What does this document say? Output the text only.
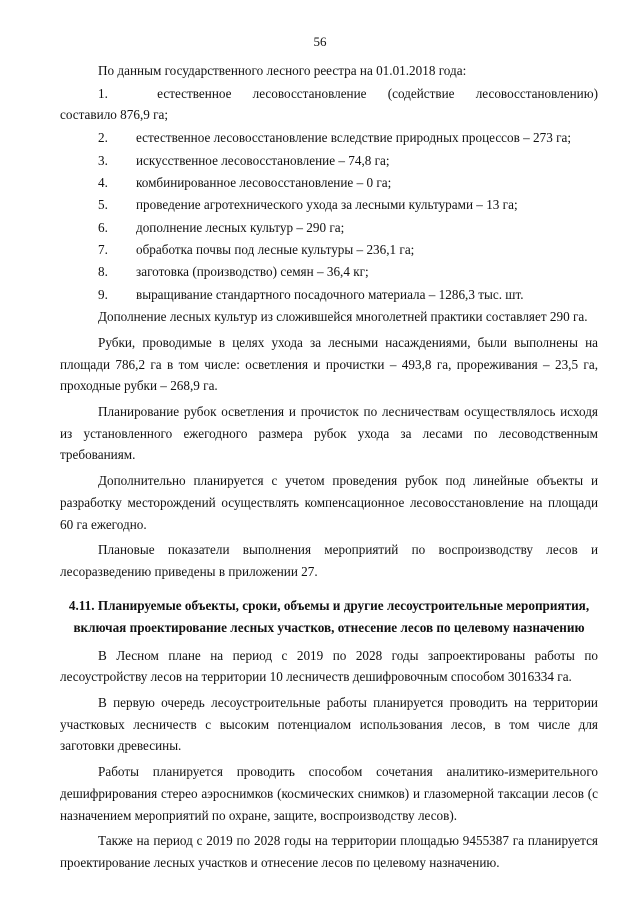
56

По данным государственного лесного реестра на 01.01.2018 года:

1.	естественное лесовосстановление (содействие лесовосстановлению)
составило 876,9 га;
2.	естественное лесовосстановление вследствие природных процессов – 273 га;
3.	искусственное лесовосстановление – 74,8 га;
4.	комбинированное лесовосстановление – 0 га;
5.	проведение агротехнического ухода за лесными культурами – 13 га;
6.	дополнение лесных культур – 290 га;
7.	обработка почвы под лесные культуры – 236,1 га;
8.	заготовка (производство) семян – 36,4 кг;
9.	выращивание стандартного посадочного материала – 1286,3 тыс. шт.

Дополнение лесных культур из сложившейся многолетней практики составляет 290 га.

Рубки, проводимые в целях ухода за лесными насаждениями, были выполнены на площади 786,2 га в том числе: осветления и прочистки – 493,8 га, прореживания – 23,5 га, проходные рубки – 268,9 га.

Планирование рубок осветления и прочисток по лесничествам осуществлялось исходя из установленного ежегодного размера рубок ухода за лесами по лесоводственным требованиям.

Дополнительно планируется с учетом проведения рубок под линейные объекты и разработку месторождений осуществлять компенсационное лесовосстановление на площади 60 га ежегодно.

Плановые показатели выполнения мероприятий по воспроизводству лесов и лесоразведению приведены в приложении 27.

4.11. Планируемые объекты, сроки, объемы и другие лесоустроительные мероприятия, включая проектирование лесных участков, отнесение лесов по целевому назначению

В Лесном плане на период с 2019 по 2028 годы запроектированы работы по лесоустройству лесов на территории 10 лесничеств дешифровочным способом 3016334 га.

В первую очередь лесоустроительные работы планируется проводить на территории участковых лесничеств с высоким потенциалом использования лесов, в том числе для заготовки древесины.

Работы планируется проводить способом сочетания аналитико-измерительного дешифрирования стерео аэроснимков (космических снимков) и глазомерной таксации лесов (с назначением мероприятий по охране, защите, воспроизводству лесов).

Также на период с 2019 по 2028 годы на территории площадью 9455387 га планируется проектирование лесных участков и отнесение лесов по целевому назначению.
